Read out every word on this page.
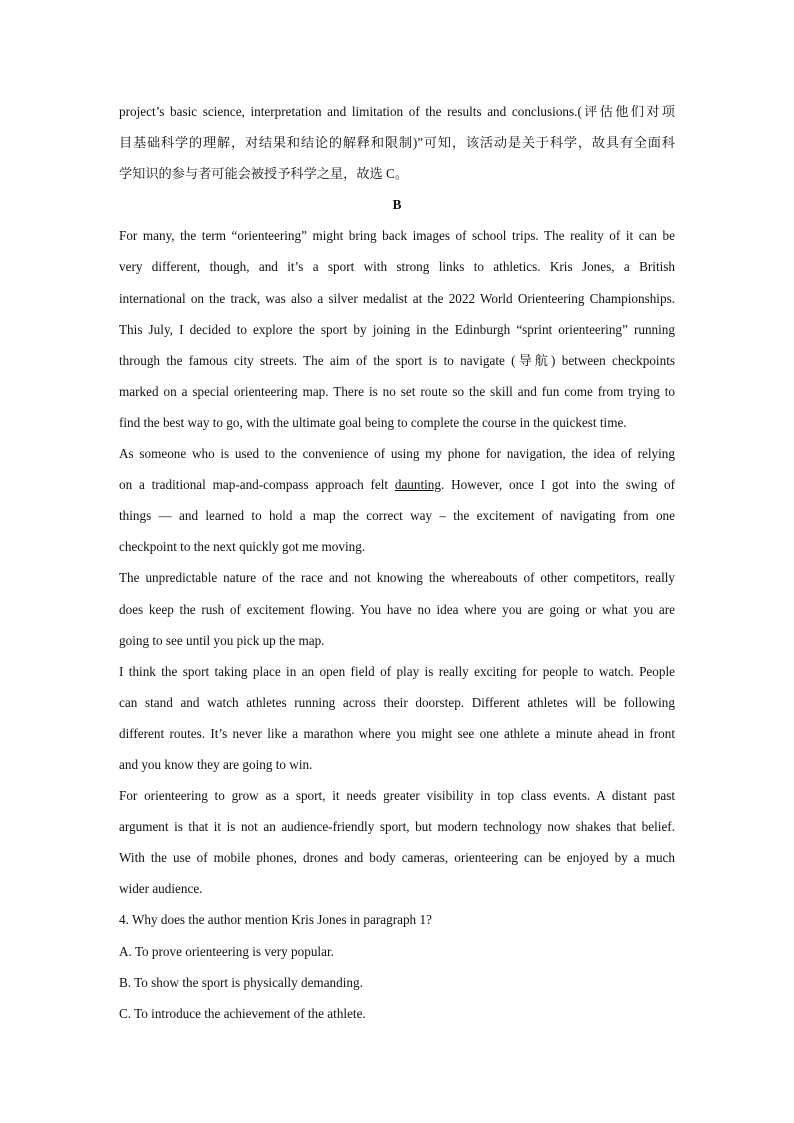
project’s basic science, interpretation and limitation of the results and conclusions.(评估他们对项
目基础科学的理解，对结果和结论的解释和限制)”可知，该活动是关于科学，故具有全面科
学知识的参与者可能会被授予科学之星，故选 C。
B
For many, the term “orienteering” might bring back images of school trips. The reality of it can be
very different, though, and it’s a sport with strong links to athletics. Kris Jones, a British
international on the track, was also a silver medalist at the 2022 World Orienteering Championships.
This July, I decided to explore the sport by joining in the Edinburgh “sprint orienteering” running
through the famous city streets. The aim of the sport is to navigate (导航) between checkpoints
marked on a special orienteering map. There is no set route so the skill and fun come from trying to
find the best way to go, with the ultimate goal being to complete the course in the quickest time.
As someone who is used to the convenience of using my phone for navigation, the idea of relying
on a traditional map-and-compass approach felt daunting. However, once I got into the swing of
things — and learned to hold a map the correct way – the excitement of navigating from one
checkpoint to the next quickly got me moving.
The unpredictable nature of the race and not knowing the whereabouts of other competitors, really
does keep the rush of excitement flowing. You have no idea where you are going or what you are
going to see until you pick up the map.
I think the sport taking place in an open field of play is really exciting for people to watch. People
can stand and watch athletes running across their doorstep. Different athletes will be following
different routes. It’s never like a marathon where you might see one athlete a minute ahead in front
and you know they are going to win.
For orienteering to grow as a sport, it needs greater visibility in top class events. A distant past
argument is that it is not an audience-friendly sport, but modern technology now shakes that belief.
With the use of mobile phones, drones and body cameras, orienteering can be enjoyed by a much
wider audience.
4. Why does the author mention Kris Jones in paragraph 1?
A. To prove orienteering is very popular.
B. To show the sport is physically demanding.
C. To introduce the achievement of the athlete.
